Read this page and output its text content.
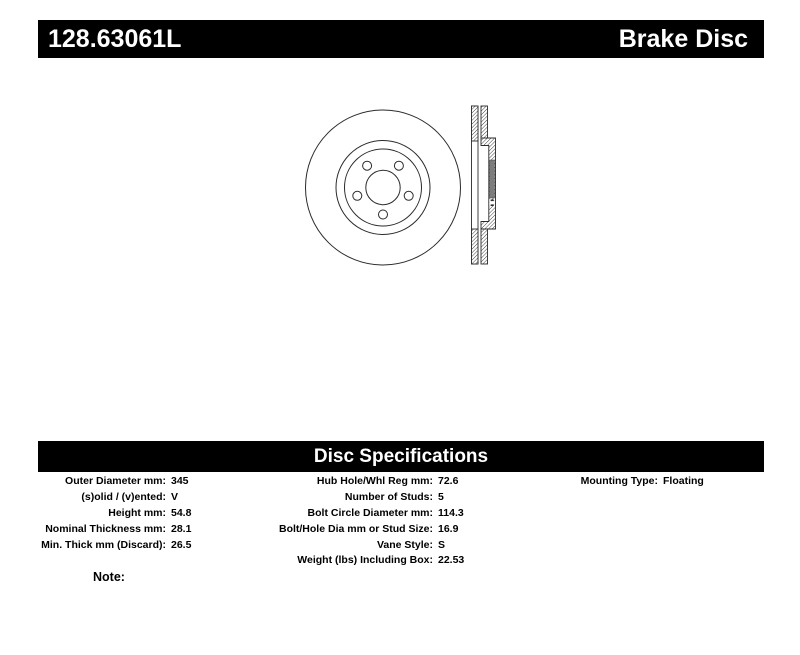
128.63061L	Brake Disc
Disc Specifications
Outer Diameter mm: 345
(s)olid / (v)ented: V
Height mm: 54.8
Nominal Thickness mm: 28.1
Min. Thick mm (Discard): 26.5
Hub Hole/Whl Reg mm: 72.6
Number of Studs: 5
Bolt Circle Diameter mm: 114.3
Bolt/Hole Dia mm or Stud Size: 16.9
Vane Style: S
Weight (lbs) Including Box: 22.53
Mounting Type: Floating
Note:
